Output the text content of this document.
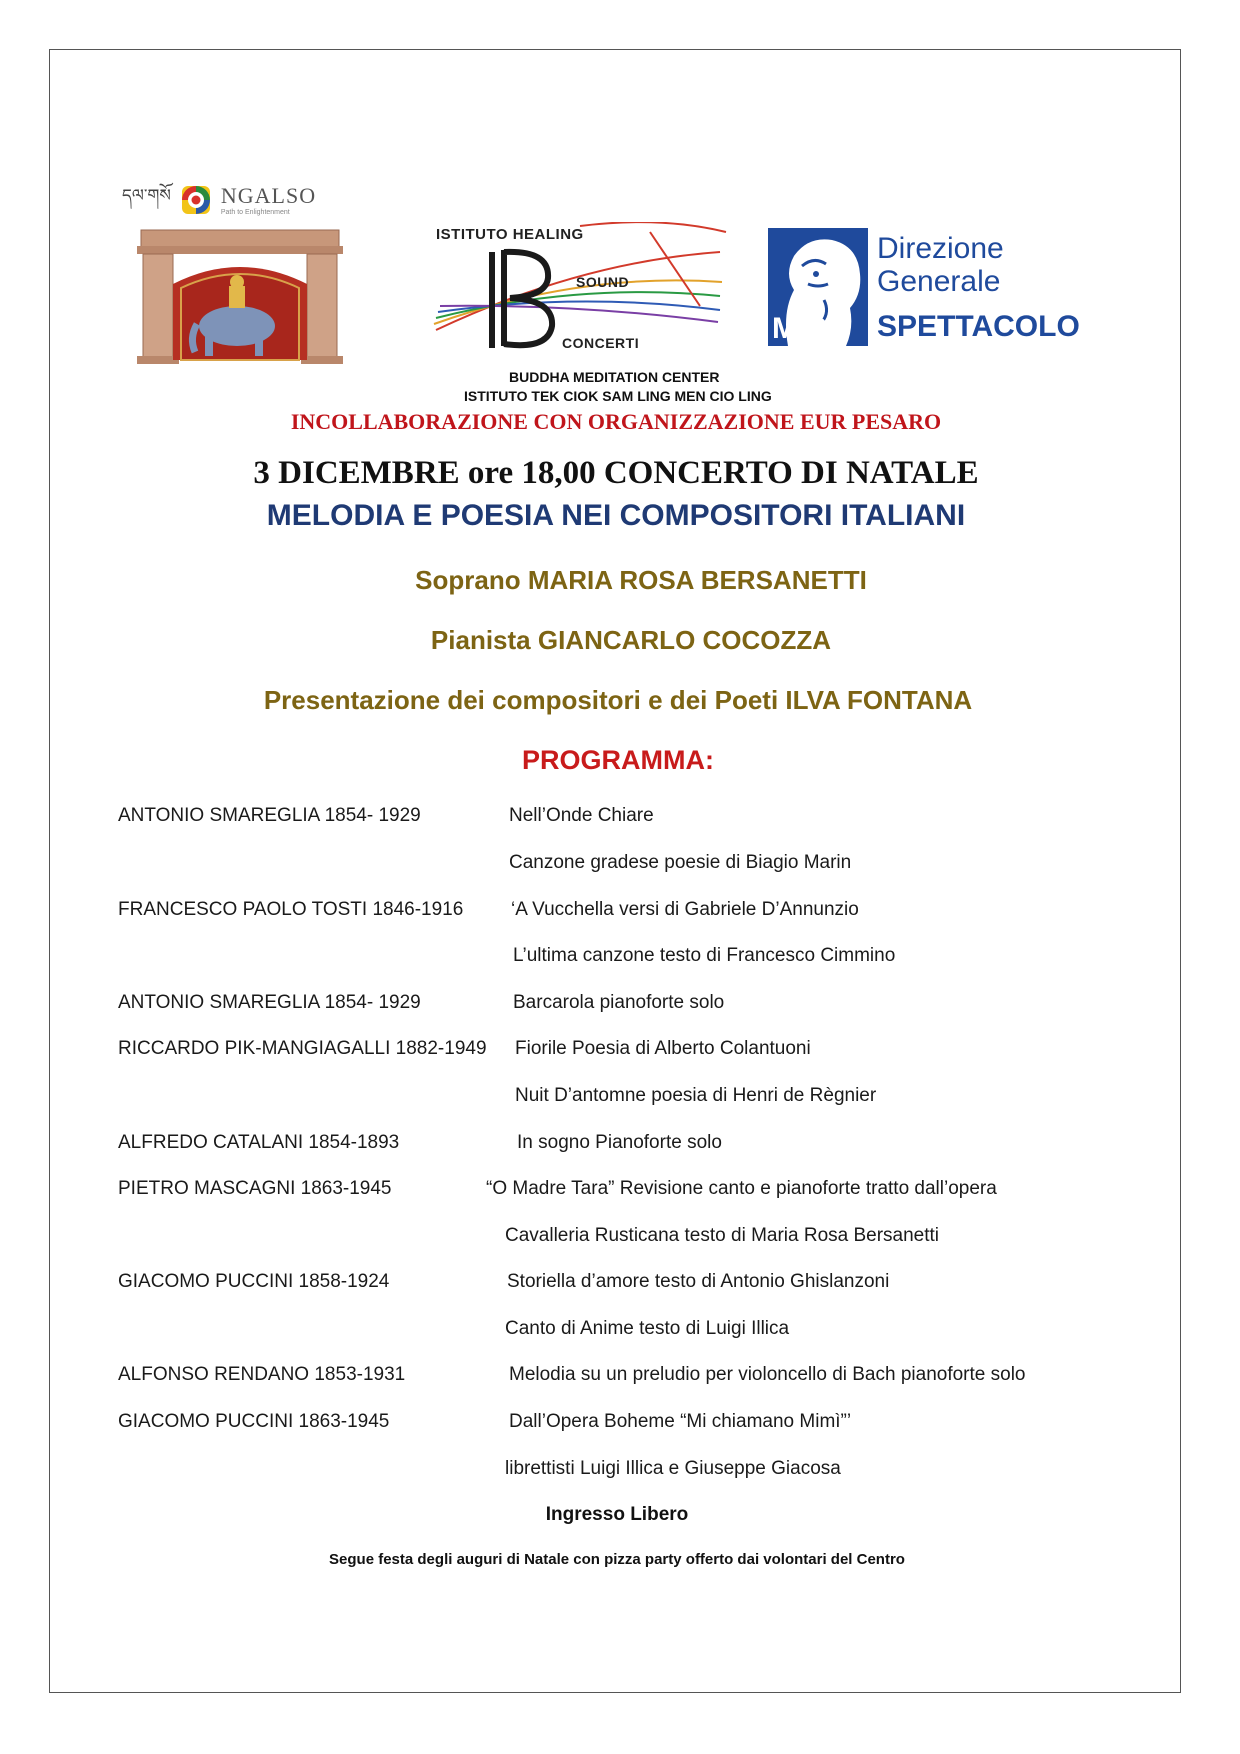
དལ་གསོ NGALSO
Path to Enlightenment
ISTITUTO HEALING
SOUND
CONCERTI	MiC
Direzione
Generale
SPETTACOLO
BUDDHA MEDITATION CENTER
ISTITUTO TEK CIOK SAM LING MEN CIO LING
INCOLLABORAZIONE CON ORGANIZZAZIONE EUR PESARO
3 DICEMBRE ore 18,00 CONCERTO DI NATALE
MELODIA E POESIA NEI COMPOSITORI ITALIANI
Soprano MARIA ROSA BERSANETTI
Pianista GIANCARLO COCOZZA
Presentazione dei compositori e dei Poeti ILVA FONTANA
PROGRAMMA:
ANTONIO SMAREGLIA 1854- 1929	Nell’Onde Chiare
Canzone gradese poesie di Biagio Marin
FRANCESCO PAOLO TOSTI 1846-1916	‘A Vucchella versi di Gabriele D’Annunzio
L’ultima canzone testo di Francesco Cimmino
ANTONIO SMAREGLIA 1854- 1929	Barcarola pianoforte solo
RICCARDO PIK-MANGIAGALLI 1882-1949 Fiorile Poesia di Alberto Colantuoni
Nuit D’antomne poesia di Henri de Règnier
ALFREDO CATALANI 1854-1893	In sogno Pianoforte solo
PIETRO MASCAGNI 1863-1945	“O Madre Tara” Revisione canto e pianoforte tratto dall’opera
Cavalleria Rusticana testo di Maria Rosa Bersanetti
GIACOMO PUCCINI 1858-1924	Storiella d’amore testo di Antonio Ghislanzoni
Canto di Anime testo di Luigi Illica
ALFONSO RENDANO 1853-1931	Melodia su un preludio per violoncello di Bach pianoforte solo
GIACOMO PUCCINI 1863-1945	Dall’Opera Boheme “Mi chiamano Mimì”’
librettisti Luigi Illica e Giuseppe Giacosa
Ingresso Libero
Segue festa degli auguri di Natale con pizza party offerto dai volontari del Centro
